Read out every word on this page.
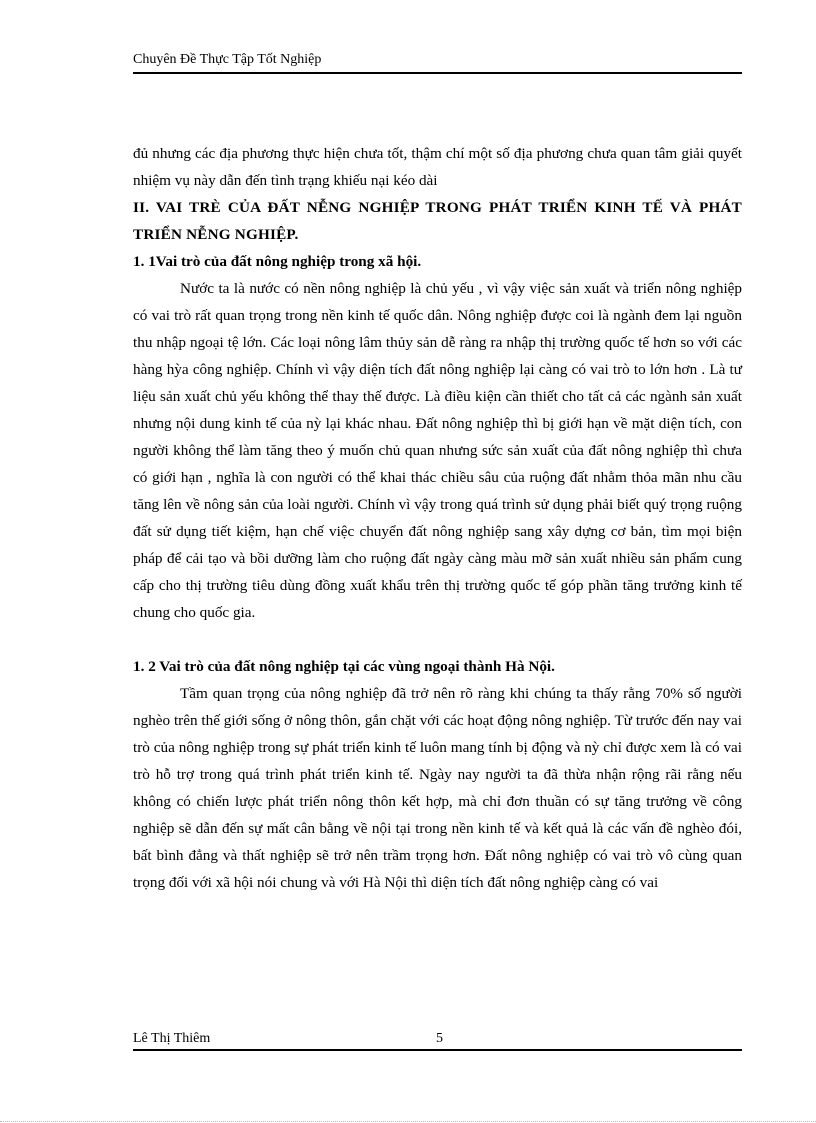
Chuyên Đề Thực Tập Tốt Nghiệp

đủ nhưng các địa phương thực hiện chưa tốt, thậm chí một số địa phương chưa quan tâm giải quyết nhiệm vụ này dẫn đến tình trạng khiếu nại kéo dài

II. VAI TRÈ CỦA ĐẤT NỄNG NGHIỆP TRONG PHÁT TRIỂN KINH TẾ VÀ PHÁT TRIỂN NỄNG NGHIỆP.
1. 1Vai trò của đất nông nghiệp trong xã hội.

Nước ta là nước có nền nông nghiệp là chủ yếu , vì vậy việc sản xuất và triển nông nghiệp có vai trò rất quan trọng trong nền kinh tế quốc dân. Nông nghiệp được coi là ngành đem lại nguồn thu nhập ngoại tệ lớn. Các loại nông lâm thủy sản dễ ràng ra nhập thị trường quốc tế hơn so với các hàng hỳa công nghiệp. Chính vì vậy diện tích đất nông nghiệp lại càng có vai trò to lớn hơn . Là tư liệu sản xuất chủ yếu không thể thay thế được. Là điều kiện cần thiết cho tất cả các ngành sản xuất nhưng nội dung kinh tế của nỳ lại khác nhau. Đất nông nghiệp thì bị giới hạn về mặt diện tích, con người không thể làm tăng theo ý muốn chủ quan nhưng sức sản xuất của đất nông nghiệp thì chưa có giới hạn , nghĩa là con người có thể khai thác chiều sâu của ruộng đất nhằm thỏa mãn nhu cầu tăng lên về nông sản của loài người. Chính vì vậy trong quá trình sử dụng phải biết quý trọng ruộng đất sử dụng tiết kiệm, hạn chế việc chuyển đất nông nghiệp sang xây dựng cơ bản, tìm mọi biện pháp để cải tạo và bồi dưỡng làm cho ruộng đất ngày càng màu mỡ sản xuất nhiều sản phẩm cung cấp cho thị trường tiêu dùng đồng xuất khẩu trên thị trường quốc tế góp phần tăng trưởng kinh tế chung cho quốc gia.

1. 2 Vai trò của đất nông nghiệp tại các vùng ngoại thành Hà Nội.

Tầm quan trọng của nông nghiệp đã trở nên rõ ràng khi chúng ta thấy rằng 70% số người nghèo trên thế giới sống ở nông thôn, gắn chặt với các hoạt động nông nghiệp. Từ trước đến nay vai trò của nông nghiệp trong sự phát triển kinh tế luôn mang tính bị động và nỳ chỉ được xem là có vai trò hỗ trợ trong quá trình phát triển kinh tế. Ngày nay người ta đã thừa nhận rộng rãi rằng nếu không có chiến lược phát triển nông thôn kết hợp, mà chỉ đơn thuần có sự tăng trưởng về công nghiệp sẽ dẫn đến sự mất cân bằng về nội tại trong nền kinh tế và kết quả là các vấn đề nghèo đói, bất bình đẳng và thất nghiệp sẽ trở nên trầm trọng hơn. Đất nông nghiệp có vai trò vô cùng quan trọng đối với xã hội nói chung và với Hà Nội thì diện tích đất nông nghiệp càng có vai

Lê Thị Thiêm	5
